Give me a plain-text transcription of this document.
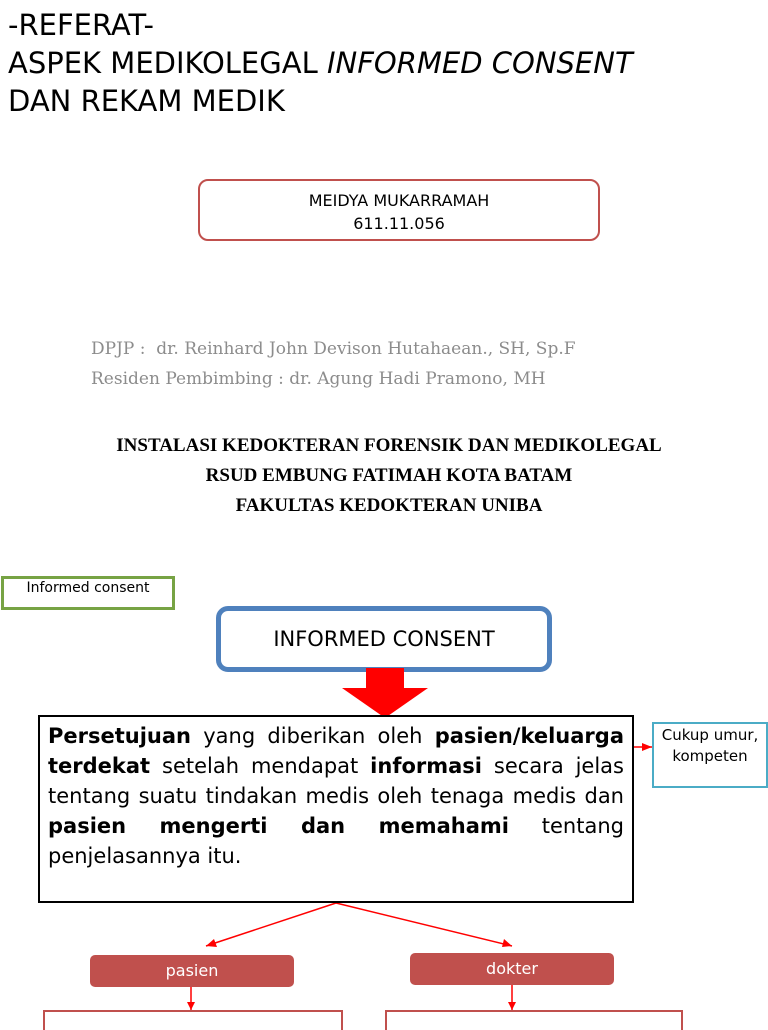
-REFERAT-
ASPEK MEDIKOLEGAL INFORMED CONSENT
DAN REKAM MEDIK
MEIDYA MUKARRAMAH
611.11.056
DPJP :  dr. Reinhard John Devison Hutahaean., SH, Sp.F
Residen Pembimbing : dr. Agung Hadi Pramono, MH
INSTALASI KEDOKTERAN FORENSIK DAN MEDIKOLEGAL
RSUD EMBUNG FATIMAH KOTA BATAM
FAKULTAS KEDOKTERAN UNIBA
Informed consent
INFORMED CONSENT
Persetujuan yang diberikan oleh pasien/keluarga terdekat setelah mendapat informasi secara jelas tentang suatu tindakan medis oleh tenaga medis dan pasien mengerti dan memahami tentang penjelasannya itu.
Cukup umur, kompeten
pasien	dokter
